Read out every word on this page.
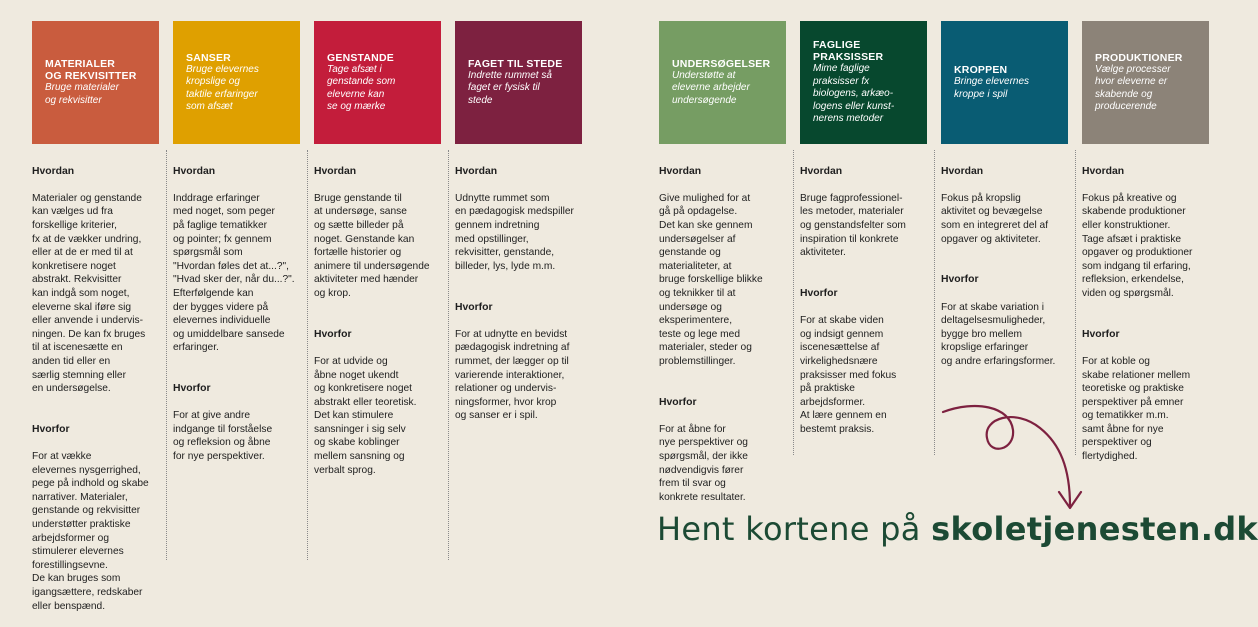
MATERIALER
OG REKVISITTER
Bruge materialer
og rekvisitter
SANSER
Bruge elevernes
kropslige og
taktile erfaringer
som afsæt
GENSTANDE
Tage afsæt i
genstande som
eleverne kan
se og mærke
FAGET TIL STEDE
Indrette rummet så
faget er fysisk til
stede
UNDERSØGELSER
Understøtte at
eleverne arbejder
undersøgende
FAGLIGE
PRAKSISSER
Mime faglige
praksisser fx
biologens, arkæo-
logens eller kunst-
nerens metoder
KROPPEN
Bringe elevernes
kroppe i spil
PRODUKTIONER
Vælge processer
hvor eleverne er
skabende og
producerende

Hvordan

Materialer og genstande
kan vælges ud fra
forskellige kriterier,
fx at de vækker undring,
eller at de er med til at
konkretisere noget
abstrakt. Rekvisitter
kan indgå som noget,
eleverne skal iføre sig
eller anvende i undervis-
ningen. De kan fx bruges
til at iscenesætte en
anden tid eller en
særlig stemning eller
en undersøgelse.

Hvorfor

For at vække
elevernes nysgerrighed,
pege på indhold og skabe
narrativer. Materialer,
genstande og rekvisitter
understøtter praktiske
arbejdsformer og
stimulerer elevernes
forestillingsevne.
De kan bruges som
igangsættere, redskaber
eller benspænd.

Hvordan

Inddrage erfaringer
med noget, som peger
på faglige tematikker
og pointer; fx gennem
spørgsmål som
"Hvordan føles det at...?",
"Hvad sker der, når du...?".
Efterfølgende kan
der bygges videre på
elevernes individuelle
og umiddelbare sansede
erfaringer.

Hvorfor

For at give andre
indgange til forståelse
og refleksion og åbne
for nye perspektiver.

Hvordan

Bruge genstande til
at undersøge, sanse
og sætte billeder på
noget. Genstande kan
fortælle historier og
animere til undersøgende
aktiviteter med hænder
og krop.

Hvorfor

For at udvide og
åbne noget ukendt
og konkretisere noget
abstrakt eller teoretisk.
Det kan stimulere
sansninger i sig selv
og skabe koblinger
mellem sansning og
verbalt sprog.

Hvordan

Udnytte rummet som
en pædagogisk medspiller
gennem indretning
med opstillinger,
rekvisitter, genstande,
billeder, lys, lyde m.m.

Hvorfor

For at udnytte en bevidst
pædagogisk indretning af
rummet, der lægger op til
varierende interaktioner,
relationer og undervis-
ningsformer, hvor krop
og sanser er i spil.

Hvordan

Give mulighed for at
gå på opdagelse.
Det kan ske gennem
undersøgelser af
genstande og
materialiteter, at
bruge forskellige blikke
og teknikker til at
undersøge og
eksperimentere,
teste og lege med
materialer, steder og
problemstillinger.

Hvorfor

For at åbne for
nye perspektiver og
spørgsmål, der ikke
nødvendigvis fører
frem til svar og
konkrete resultater.

Hvordan

Bruge fagprofessionel-
les metoder, materialer
og genstandsfelter som
inspiration til konkrete
aktiviteter.

Hvorfor

For at skabe viden
og indsigt gennem
iscenesættelse af
virkelighedsnære
praksisser med fokus
på praktiske
arbejdsformer.
At lære gennem en
bestemt praksis.

Hvordan

Fokus på kropslig
aktivitet og bevægelse
som en integreret del af
opgaver og aktiviteter.

Hvorfor

For at skabe variation i
deltagelsesmuligheder,
bygge bro mellem
kropslige erfaringer
og andre erfaringsformer.

Hvordan

Fokus på kreative og
skabende produktioner
eller konstruktioner.
Tage afsæt i praktiske
opgaver og produktioner
som indgang til erfaring,
refleksion, erkendelse,
viden og spørgsmål.

Hvorfor

For at koble og
skabe relationer mellem
teoretiske og praktiske
perspektiver på emner
og tematikker m.m.
samt åbne for nye
perspektiver og
flertydighed.

Hent kortene på skoletjenesten.dk
